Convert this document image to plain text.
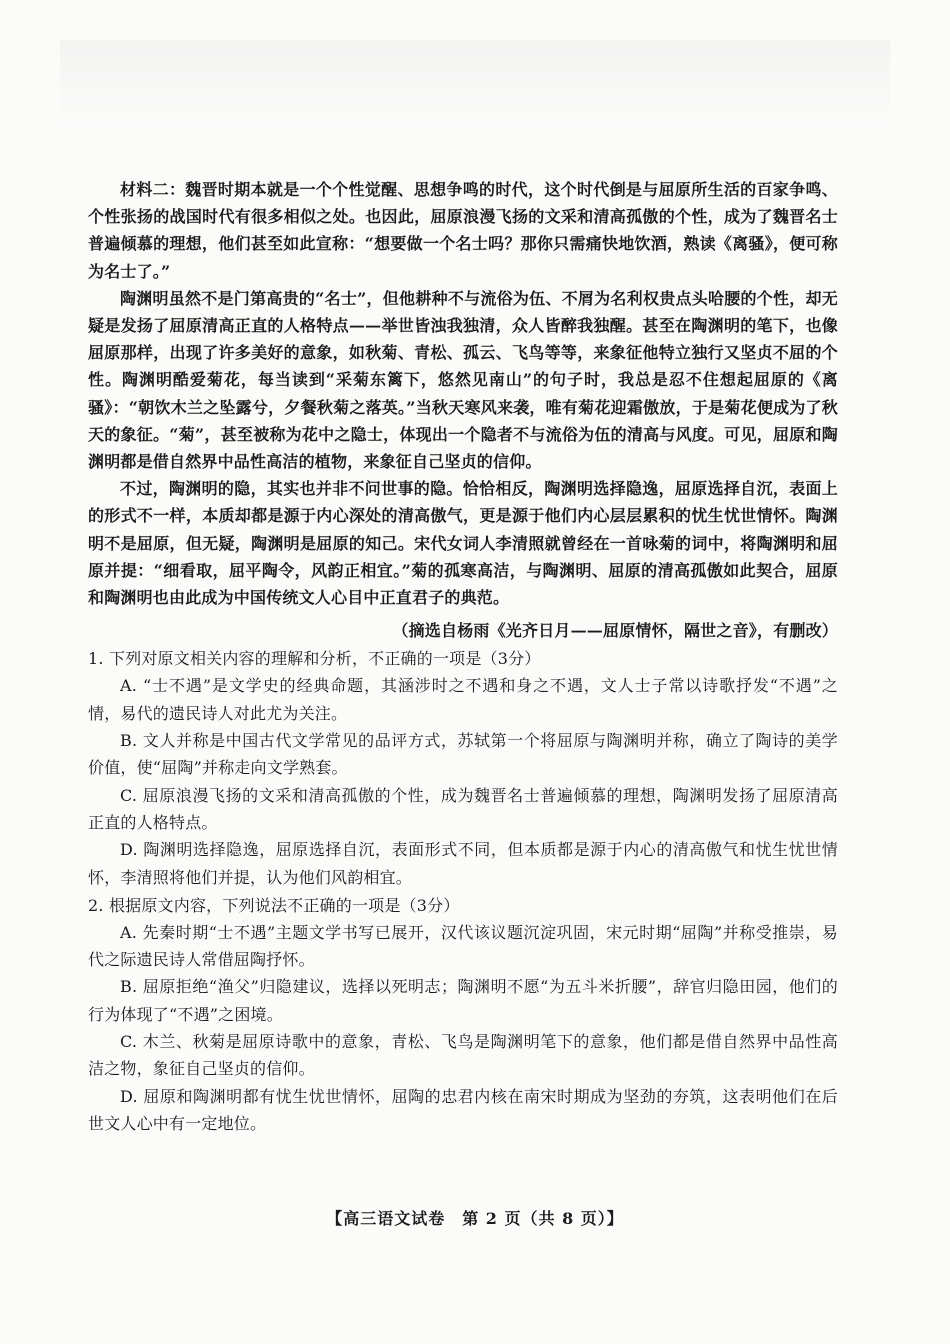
材料二：魏晋时期本就是一个个性觉醒、思想争鸣的时代，这个时代倒是与屈原所生活的百家争鸣、个性张扬的战国时代有很多相似之处。也因此，屈原浪漫飞扬的文采和清高孤傲的个性，成为了魏晋名士普遍倾慕的理想，他们甚至如此宣称：“想要做一个名士吗？那你只需痛快地饮酒，熟读《离骚》，便可称为名士了。”

陶渊明虽然不是门第高贵的“名士”，但他耕种不与流俗为伍、不屑为名利权贵点头哈腰的个性，却无疑是发扬了屈原清高正直的人格特点——举世皆浊我独清，众人皆醉我独醒。甚至在陶渊明的笔下，也像屈原那样，出现了许多美好的意象，如秋菊、青松、孤云、飞鸟等等，来象征他特立独行又坚贞不屈的个性。陶渊明酷爱菊花，每当读到“采菊东篱下，悠然见南山”的句子时，我总是忍不住想起屈原的《离骚》：“朝饮木兰之坠露兮，夕餐秋菊之落英。”当秋天寒风来袭，唯有菊花迎霜傲放，于是菊花便成为了秋天的象征。“菊”，甚至被称为花中之隐士，体现出一个隐者不与流俗为伍的清高与风度。可见，屈原和陶渊明都是借自然界中品性高洁的植物，来象征自己坚贞的信仰。

不过，陶渊明的隐，其实也并非不问世事的隐。恰恰相反，陶渊明选择隐逸，屈原选择自沉，表面上的形式不一样，本质却都是源于内心深处的清高傲气，更是源于他们内心层层累积的忧生忧世情怀。陶渊明不是屈原，但无疑，陶渊明是屈原的知己。宋代女词人李清照就曾经在一首咏菊的词中，将陶渊明和屈原并提：“细看取，屈平陶令，风韵正相宜。”菊的孤寒高洁，与陶渊明、屈原的清高孤傲如此契合，屈原和陶渊明也由此成为中国传统文人心目中正直君子的典范。

（摘选自杨雨《光齐日月——屈原情怀，隔世之音》，有删改）

1. 下列对原文相关内容的理解和分析，不正确的一项是（3分）

A. “士不遇”是文学史的经典命题，其涵涉时之不遇和身之不遇，文人士子常以诗歌抒发“不遇”之情，易代的遗民诗人对此尤为关注。

B. 文人并称是中国古代文学常见的品评方式，苏轼第一个将屈原与陶渊明并称，确立了陶诗的美学价值，使“屈陶”并称走向文学熟套。

C. 屈原浪漫飞扬的文采和清高孤傲的个性，成为魏晋名士普遍倾慕的理想，陶渊明发扬了屈原清高正直的人格特点。

D. 陶渊明选择隐逸，屈原选择自沉，表面形式不同，但本质都是源于内心的清高傲气和忧生忧世情怀，李清照将他们并提，认为他们风韵相宜。

2. 根据原文内容，下列说法不正确的一项是（3分）

A. 先秦时期“士不遇”主题文学书写已展开，汉代该议题沉淀巩固，宋元时期“屈陶”并称受推崇，易代之际遗民诗人常借屈陶抒怀。

B. 屈原拒绝“渔父”归隐建议，选择以死明志；陶渊明不愿“为五斗米折腰”，辞官归隐田园，他们的行为体现了“不遇”之困境。

C. 木兰、秋菊是屈原诗歌中的意象，青松、飞鸟是陶渊明笔下的意象，他们都是借自然界中品性高洁之物，象征自己坚贞的信仰。

D. 屈原和陶渊明都有忧生忧世情怀，屈陶的忠君内核在南宋时期成为坚劲的夯筑，这表明他们在后世文人心中有一定地位。

【高三语文试卷　第 2 页（共 8 页）】
